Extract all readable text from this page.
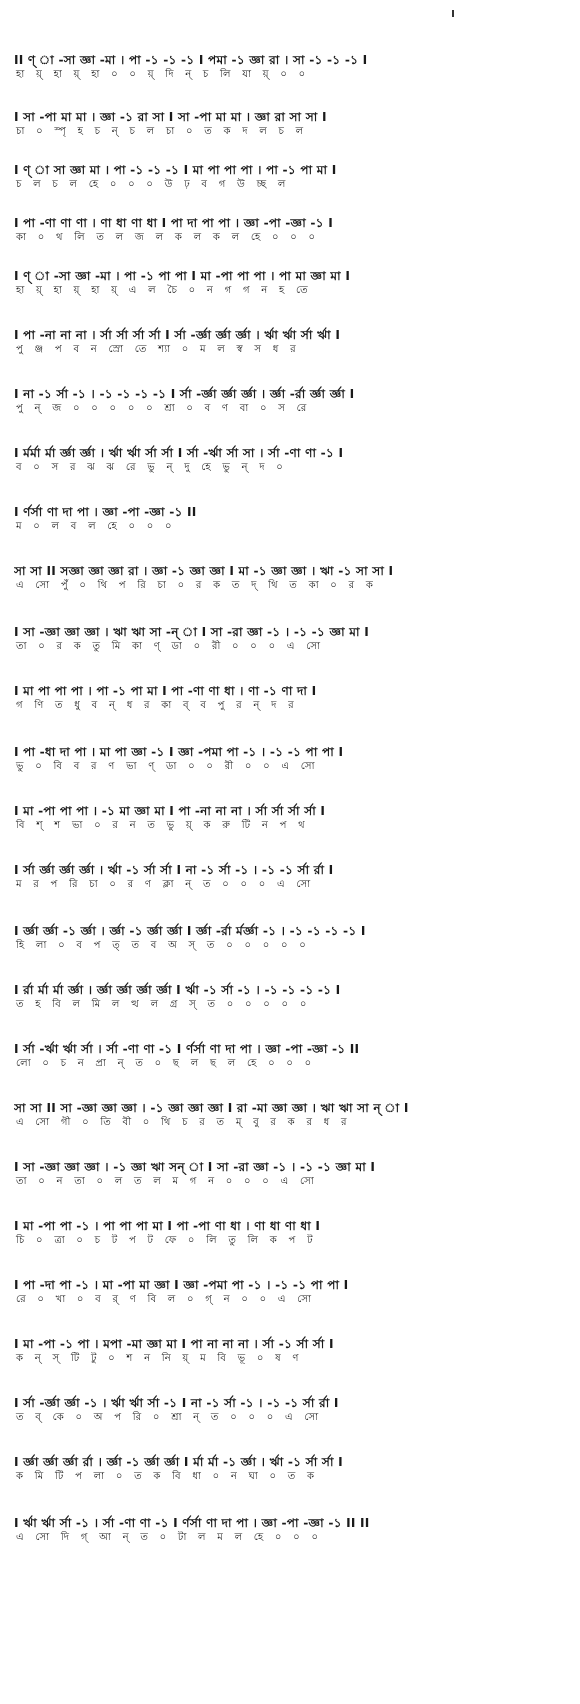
II ণ্ া -সা জ্ঞা -মা । পা -১ -১ -১ I পমা -১ জ্ঞা রা । সা -১ -১ -১ I
হা য়্‌ হা য়্‌ হা ০ ০ য়্‌ দি ন্‌ চ লি যা য়্‌ ০ ০
I সা -পা মা মা । জ্ঞা -১ রা সা I সা -পা মা মা । জ্ঞা রা সা সা I
চা ০ স্পৃ হ চ ন্‌ চ ল চা ০ ত ক দ ল চ ল
I ণ্ া সা জ্ঞা মা । পা -১ -১ -১ I মা পা পা পা । পা -১ পা মা I
চ ল চ ল হে ০ ০ ০ উ ঢ় ব গ উ চ্ছ ল
I পা -ণা ণা ণা । ণা ধা ণা ধা I পা দা পা পা । জ্ঞা -পা -জ্ঞা -১ I
কা ০ থ লি ত ল জ ল ক ল ক ল হে ০ ০ ০
I ণ্ া -সা জ্ঞা -মা । পা -১ পা পা I মা -পা পা পা । পা মা জ্ঞা মা I
হা য়্‌ হা য়্‌ হা য়্‌ এ ল চৈ ০ ন গ গ ন হ তে
I পা -না না না । র্সা র্সা র্সা র্সা I র্সা -র্জ্ঞা র্জ্ঞা র্জ্ঞা । র্ঋা র্ঋা র্সা র্ঋা I
পু ঞ্জ প ব ন স্রো তে শ্যা ০ ম ল স্ব স ধ র
I না -১ র্সা -১ । -১ -১ -১ -১ I র্সা -র্জ্ঞা র্জ্ঞা র্জ্ঞা । র্জ্ঞা -র্রা র্জ্ঞা র্জ্ঞা I
পু ন্‌ জ ০ ০ ০ ০ ০ শ্রা ০ ব ণ বা ০ স রে
I র্মর্মা র্মা র্জ্ঞা র্জ্ঞা । র্ঋা র্ঋা র্সা র্সা I র্সা -র্ঋা র্সা সা । র্সা -ণা ণা -১ I
ব ০ স র ঝ ঝ রে ভু ন্‌ দু হে ভু ন্‌ দ ০
I র্ণর্সা ণা দা পা । জ্ঞা -পা -জ্ঞা -১ II
ম ০ ল ব ল হে ০ ০ ০
সা সা II সজ্ঞা জ্ঞা জ্ঞা রা । জ্ঞা -১ জ্ঞা জ্ঞা I মা -১ জ্ঞা জ্ঞা । ঋা -১ সা সা I
এ সো পুঁ ০ থি প রি চা ০ র ক ত দ্‌ থি ত কা ০ র ক
I সা -জ্ঞা জ্ঞা জ্ঞা । ঋা ঋা সা -ন্ া I সা -রা জ্ঞা -১ । -১ -১ জ্ঞা মা I
তা ০ র ক তু মি কা ণ্‌ ডা ০ রী ০ ০ ০ এ সো
I মা পা পা পা । পা -১ পা মা I পা -ণা ণা ধা । ণা -১ ণা দা I
গ ণি ত ধু ব ন্‌ ধ র কা ব্‌ ব পু র ন্‌ দ র
I পা -ধা দা পা । মা পা জ্ঞা -১ I জ্ঞা -পমা পা -১ । -১ -১ পা পা I
ভু ০ বি ব র ণ ভা ণ্‌ ডা ০ ০ রী ০ ০ এ সো
I মা -পা পা পা । -১ মা জ্ঞা মা I পা -না না না । র্সা র্সা র্সা র্সা I
বি শ্‌ শ ভা ০ র ন ত ভু য়্‌ ক রু টি ন প থ
I র্সা র্জ্ঞা র্জ্ঞা র্জ্ঞা । র্ঋা -১ র্সা র্সা I না -১ র্সা -১ । -১ -১ র্সা র্রা I
ম র প রি চা ০ র ণ ক্লা ন্‌ ত ০ ০ ০ এ সো
I র্জ্ঞা র্জ্ঞা -১ র্জ্ঞা । র্জ্ঞা -১ র্জ্ঞা র্জ্ঞা I র্জ্ঞা -র্রা র্মর্জ্ঞা -১ । -১ -১ -১ -১ I
হি লা ০ ব প ত্‌ ত ব অ স্‌ ত ০ ০ ০ ০ ০
I র্রা র্মা র্মা র্জ্ঞা । র্জ্ঞা র্জ্ঞা র্জ্ঞা র্জ্ঞা I র্ঋা -১ র্সা -১ । -১ -১ -১ -১ I
ত হ বি ল মি ল ত্থ ল গ্র স্‌ ত ০ ০ ০ ০ ০
I র্সা -র্ঋা র্ঋা র্সা । র্সা -ণা ণা -১ I র্ণর্সা ণা দা পা । জ্ঞা -পা -জ্ঞা -১ II
লো ০ চ ন প্রা ন্‌ ত ০ ছ ল ছ ল হে ০ ০ ০
সা সা II সা -জ্ঞা জ্ঞা জ্ঞা । -১ জ্ঞা জ্ঞা জ্ঞা I রা -মা জ্ঞা জ্ঞা । ঋা ঋা সা ন্ া I
এ সো গী ০ তি বী ০ থি চ র ত ম্‌ বু র ক র ধ র
I সা -জ্ঞা জ্ঞা জ্ঞা । -১ জ্ঞা ঋা সন্ া I সা -রা জ্ঞা -১ । -১ -১ জ্ঞা মা I
তা ০ ন তা ০ ল ত ল ম গ ন ০ ০ ০ এ সো
I মা -পা পা -১ । পা পা পা মা I পা -পা ণা ধা । ণা ধা ণা ধা I
চি ০ ত্রা ০ চ ট প ট ফে ০ লি তু লি ক প ট
I পা -দা পা -১ । মা -পা মা জ্ঞা I জ্ঞা -পমা পা -১ । -১ -১ পা পা I
রে ০ খা ০ ব র্‌ ণ বি ল ০ গ্‌ ন ০ ০ এ সো
I মা -পা -১ পা । মপা -মা জ্ঞা মা I পা না না না । র্সা -১ র্সা র্সা I
ক ন্‌ স্‌ টি টু ০ শ ন নি য়্‌ ম বি ভূ ০ ষ ণ
I র্সা -র্জ্ঞা র্জ্ঞা -১ । র্ঋা র্ঋা র্সা -১ I না -১ র্সা -১ । -১ -১ র্সা র্রা I
ত ব্‌ কে ০ অ প রি ০ শ্রা ন্‌ ত ০ ০ ০ এ সো
I র্জ্ঞা র্জ্ঞা র্জ্ঞা র্রা । র্জ্ঞা -১ র্জ্ঞা র্জ্ঞা I র্মা র্মা -১ র্জ্ঞা । র্ঋা -১ র্সা র্সা I
ক মি টি প লা ০ ত ক বি ধা ০ ন ঘা ০ ত ক
I র্ঋা র্ঋা র্সা -১ । র্সা -ণা ণা -১ I র্ণর্সা ণা দা পা । জ্ঞা -পা -জ্ঞা -১ II II
এ সো দি গ্‌ আ ন্‌ ত ০ টা ল ম ল হে ০ ০ ০
